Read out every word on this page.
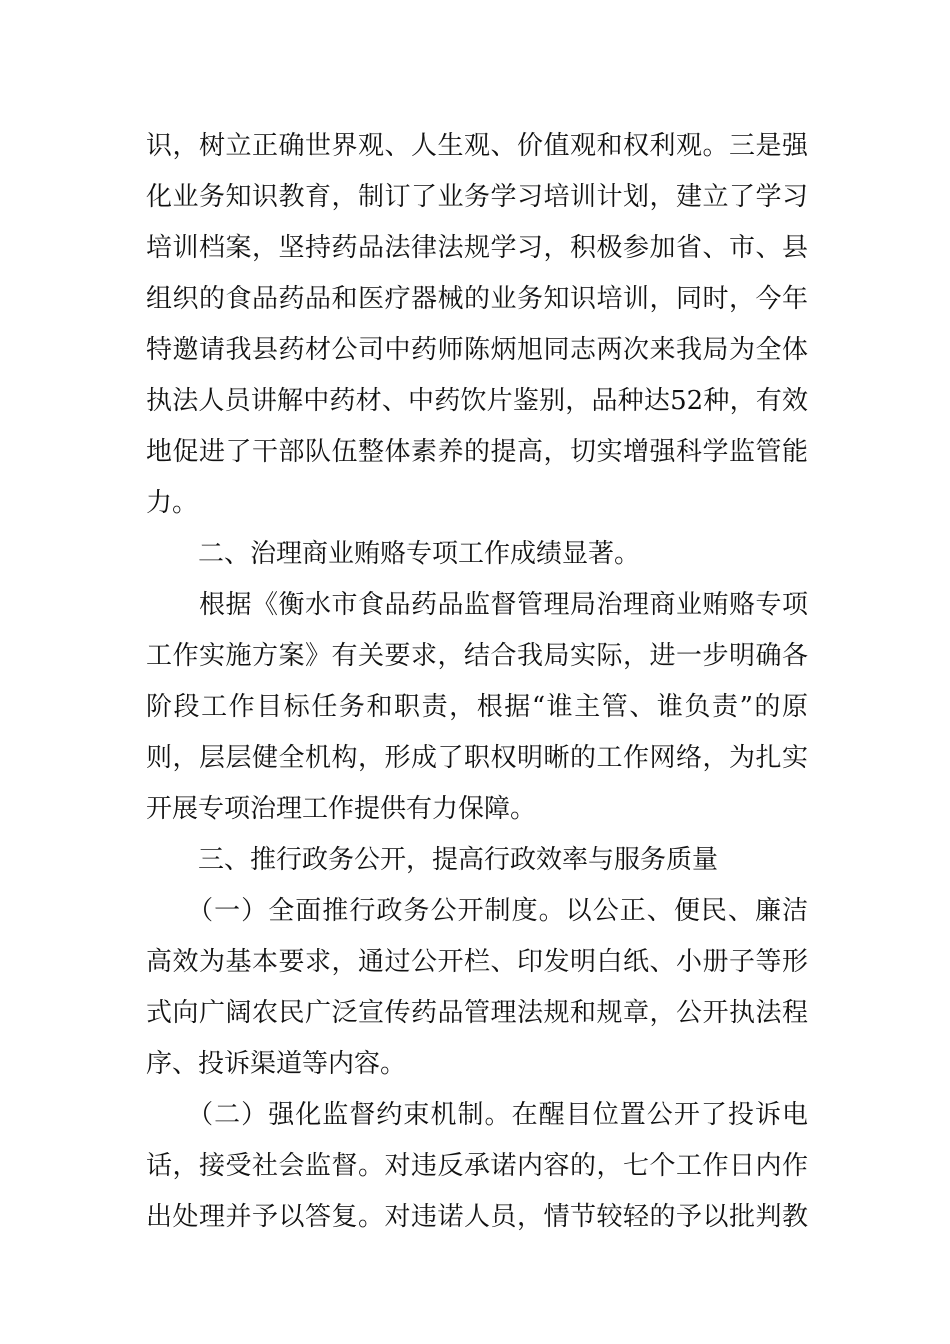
识，树立正确世界观、人生观、价值观和权利观。三是强
化业务知识教育，制订了业务学习培训计划，建立了学习
培训档案，坚持药品法律法规学习，积极参加省、市、县
组织的食品药品和医疗器械的业务知识培训，同时，今年
特邀请我县药材公司中药师陈炳旭同志两次来我局为全体
执法人员讲解中药材、中药饮片鉴别，品种达52种，有效
地促进了干部队伍整体素养的提高，切实增强科学监管能
力。
　　二、治理商业贿赂专项工作成绩显著。
　　根据《衡水市食品药品监督管理局治理商业贿赂专项
工作实施方案》有关要求，结合我局实际，进一步明确各
阶段工作目标任务和职责，根据“谁主管、谁负责”的原
则，层层健全机构，形成了职权明晰的工作网络，为扎实
开展专项治理工作提供有力保障。
　　三、推行政务公开，提高行政效率与服务质量
　　（一）全面推行政务公开制度。以公正、便民、廉洁
高效为基本要求，通过公开栏、印发明白纸、小册子等形
式向广阔农民广泛宣传药品管理法规和规章，公开执法程
序、投诉渠道等内容。
　　（二）强化监督约束机制。在醒目位置公开了投诉电
话，接受社会监督。对违反承诺内容的，七个工作日内作
出处理并予以答复。对违诺人员，情节较轻的予以批判教
